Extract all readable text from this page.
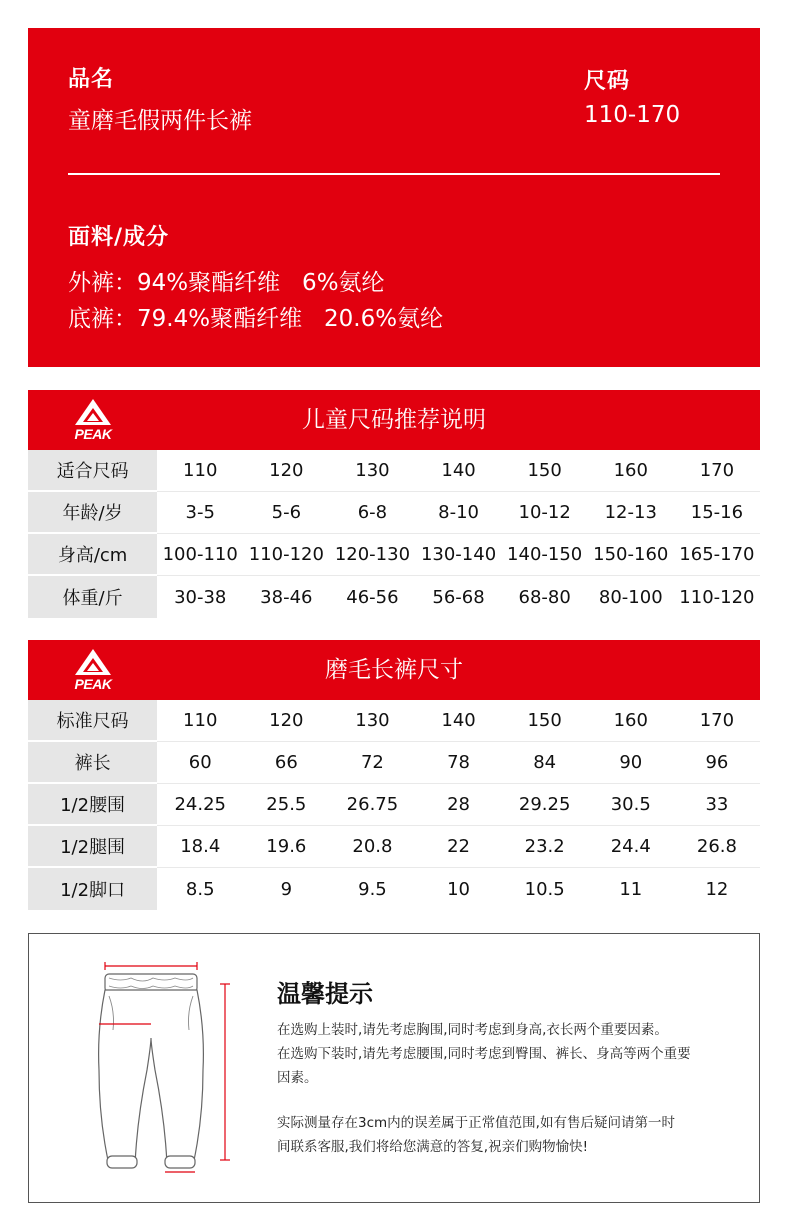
品名
童磨毛假两件长裤
尺码
110-170
面料/成分
外裤：94%聚酯纤维   6%氨纶
底裤：79.4%聚酯纤维   20.6%氨纶
PEAK
儿童尺码推荐说明
适合尺码	110	120	130	140	150	160	170
年龄/岁	3-5	5-6	6-8	8-10	10-12	12-13	15-16
身高/cm	100-110	110-120	120-130	130-140	140-150	150-160	165-170
体重/斤	30-38	38-46	46-56	56-68	68-80	80-100	110-120
PEAK
磨毛长裤尺寸
标准尺码	110	120	130	140	150	160	170
裤长	60	66	72	78	84	90	96
1/2腰围	24.25	25.5	26.75	28	29.25	30.5	33
1/2腿围	18.4	19.6	20.8	22	23.2	24.4	26.8
1/2脚口	8.5	9	9.5	10	10.5	11	12
温馨提示
在选购上装时,请先考虑胸围,同时考虑到身高,衣长两个重要因素。
在选购下装时,请先考虑腰围,同时考虑到臀围、裤长、身高等两个重要
因素。
实际测量存在3cm内的误差属于正常值范围,如有售后疑问请第一时
间联系客服,我们将给您满意的答复,祝亲们购物愉快!
